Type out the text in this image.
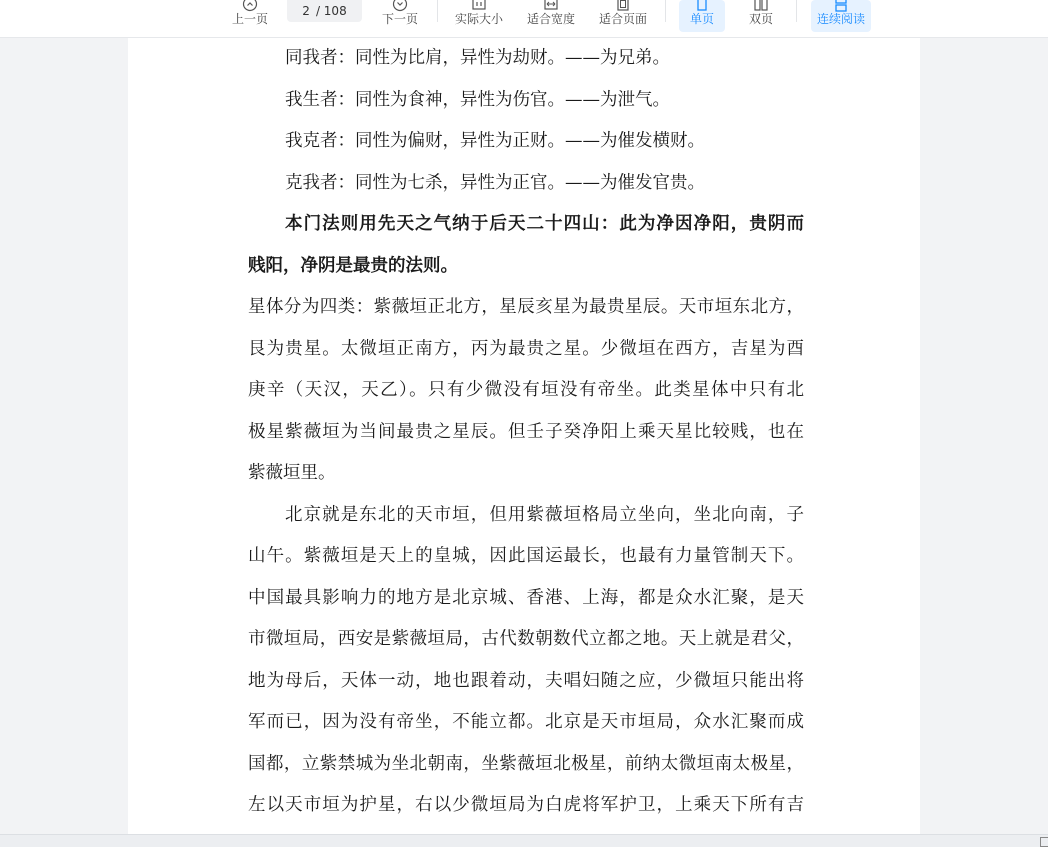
上一页
2 / 108
下一页	实际大小 适合宽度 适合页面	单页	双页	连续阅读
同我者：同性为比肩，异性为劫财。——为兄弟。
我生者：同性为食神，异性为伤官。——为泄气。
我克者：同性为偏财，异性为正财。——为催发横财。
克我者：同性为七杀，异性为正官。——为催发官贵。
本门法则用先天之气纳于后天二十四山：此为净因净阳，贵阴而
贱阳，净阴是最贵的法则。
星体分为四类：紫薇垣正北方，星辰亥星为最贵星辰。天市垣东北方，
艮为贵星。太微垣正南方，丙为最贵之星。少微垣在西方，吉星为酉
庚辛（天汉，天乙）。只有少微没有垣没有帝坐。此类星体中只有北
极星紫薇垣为当间最贵之星辰。但壬子癸净阳上乘天星比较贱，也在
紫薇垣里。
北京就是东北的天市垣，但用紫薇垣格局立坐向，坐北向南，子
山午。紫薇垣是天上的皇城，因此国运最长，也最有力量管制天下。
中国最具影响力的地方是北京城、香港、上海，都是众水汇聚，是天
市微垣局，西安是紫薇垣局，古代数朝数代立都之地。天上就是君父，
地为母后，天体一动，地也跟着动，夫唱妇随之应，少微垣只能出将
军而已，因为没有帝坐，不能立都。北京是天市垣局，众水汇聚而成
国都，立紫禁城为坐北朝南，坐紫薇垣北极星，前纳太微垣南太极星，
左以天市垣为护星，右以少微垣局为白虎将军护卫，上乘天下所有吉
